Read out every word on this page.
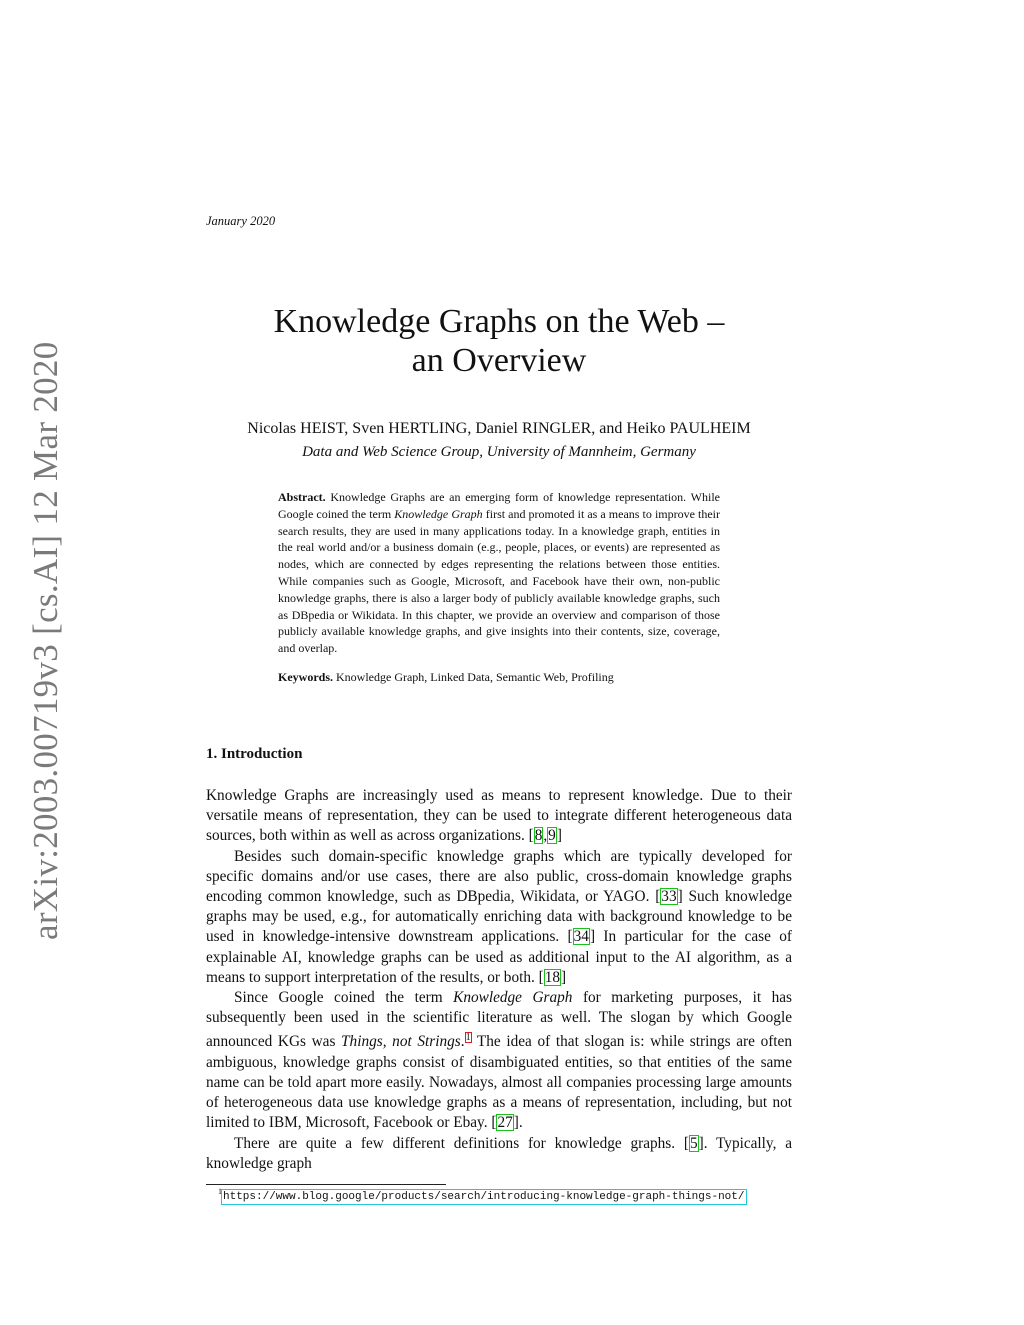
January 2020
arXiv:2003.00719v3 [cs.AI] 12 Mar 2020
Knowledge Graphs on the Web –
an Overview
Nicolas HEIST, Sven HERTLING, Daniel RINGLER, and Heiko PAULHEIM
Data and Web Science Group, University of Mannheim, Germany
Abstract. Knowledge Graphs are an emerging form of knowledge representation. While Google coined the term Knowledge Graph first and promoted it as a means to improve their search results, they are used in many applications today. In a knowledge graph, entities in the real world and/or a business domain (e.g., people, places, or events) are represented as nodes, which are connected by edges representing the relations between those entities. While companies such as Google, Microsoft, and Facebook have their own, non-public knowledge graphs, there is also a larger body of publicly available knowledge graphs, such as DBpedia or Wikidata. In this chapter, we provide an overview and comparison of those publicly available knowledge graphs, and give insights into their contents, size, coverage, and overlap.
Keywords. Knowledge Graph, Linked Data, Semantic Web, Profiling
1. Introduction

Knowledge Graphs are increasingly used as means to represent knowledge. Due to their versatile means of representation, they can be used to integrate different heterogeneous data sources, both within as well as across organizations. [8,9]

Besides such domain-specific knowledge graphs which are typically developed for specific domains and/or use cases, there are also public, cross-domain knowledge graphs encoding common knowledge, such as DBpedia, Wikidata, or YAGO. [33] Such knowledge graphs may be used, e.g., for automatically enriching data with background knowledge to be used in knowledge-intensive downstream applications. [34] In particular for the case of explainable AI, knowledge graphs can be used as additional input to the AI algorithm, as a means to support interpretation of the results, or both. [18]

Since Google coined the term Knowledge Graph for marketing purposes, it has subsequently been used in the scientific literature as well. The slogan by which Google announced KGs was Things, not Strings.$^1$ The idea of that slogan is: while strings are often ambiguous, knowledge graphs consist of disambiguated entities, so that entities of the same name can be told apart more easily. Nowadays, almost all companies processing large amounts of heterogeneous data use knowledge graphs as a means of representation, including, but not limited to IBM, Microsoft, Facebook or Ebay. [27].

There are quite a few different definitions for knowledge graphs. [5]. Typically, a knowledge graph

$^1$https://www.blog.google/products/search/introducing-knowledge-graph-things-not/
